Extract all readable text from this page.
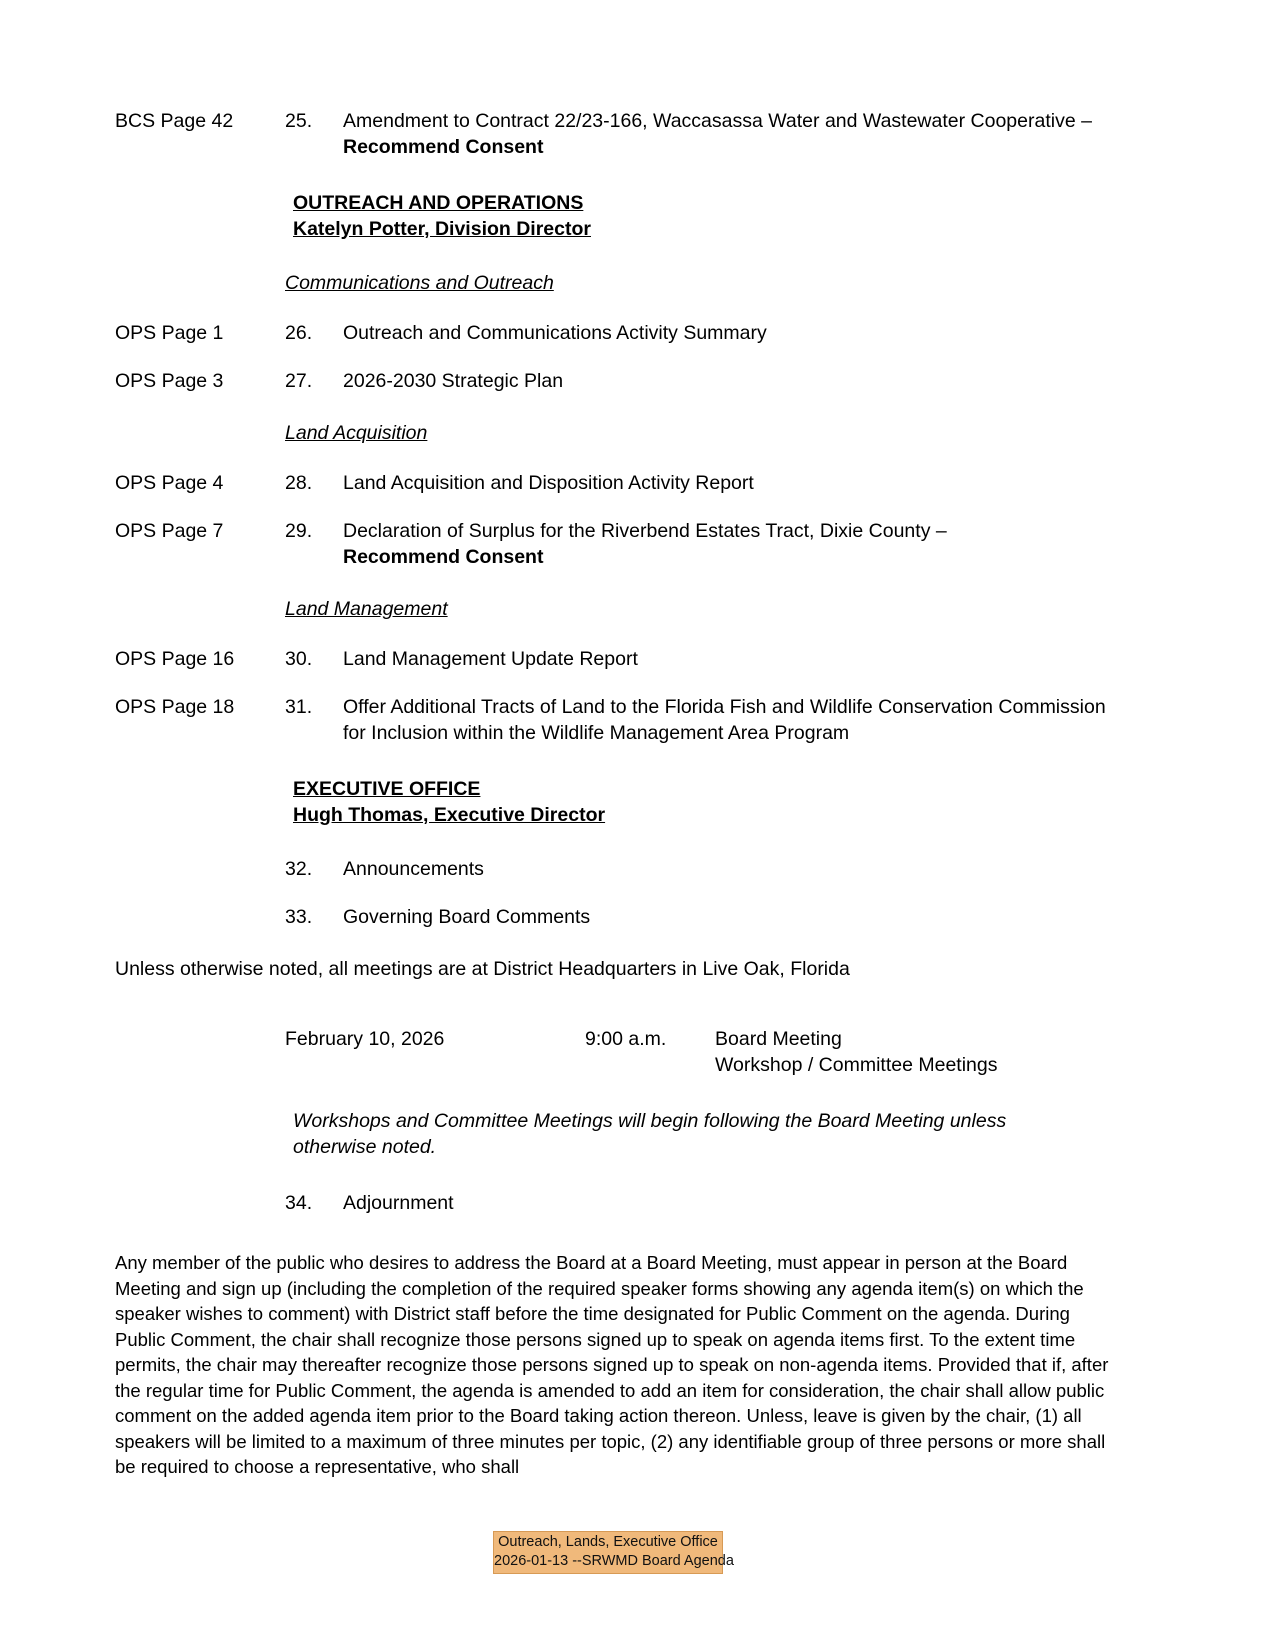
BCS Page 42	25.	Amendment to Contract 22/23-166, Waccasassa Water and Wastewater Cooperative – Recommend Consent
OUTREACH AND OPERATIONS
Katelyn Potter, Division Director
Communications and Outreach
OPS Page 1	26.	Outreach and Communications Activity Summary
OPS Page 3	27.	2026-2030 Strategic Plan
Land Acquisition
OPS Page 4	28.	Land Acquisition and Disposition Activity Report
OPS Page 7	29.	Declaration of Surplus for the Riverbend Estates Tract, Dixie County –
Recommend Consent
Land Management
OPS Page 16	30.	Land Management Update Report
OPS Page 18	31.	Offer Additional Tracts of Land to the Florida Fish and Wildlife Conservation Commission for Inclusion within the Wildlife Management Area Program
EXECUTIVE OFFICE
Hugh Thomas, Executive Director
32.	Announcements
33.	Governing Board Comments
Unless otherwise noted, all meetings are at District Headquarters in Live Oak, Florida
February 10, 2026	9:00 a.m.	Board Meeting
Workshop / Committee Meetings
Workshops and Committee Meetings will begin following the Board Meeting unless otherwise noted.
34.	Adjournment
Any member of the public who desires to address the Board at a Board Meeting, must appear in person at the Board Meeting and sign up (including the completion of the required speaker forms showing any agenda item(s) on which the speaker wishes to comment) with District staff before the time designated for Public Comment on the agenda. During Public Comment, the chair shall recognize those persons signed up to speak on agenda items first. To the extent time permits, the chair may thereafter recognize those persons signed up to speak on non-agenda items. Provided that if, after the regular time for Public Comment, the agenda is amended to add an item for consideration, the chair shall allow public comment on the added agenda item prior to the Board taking action thereon. Unless, leave is given by the chair, (1) all speakers will be limited to a maximum of three minutes per topic, (2) any identifiable group of three persons or more shall be required to choose a representative, who shall
Outreach, Lands, Executive Office
2026-01-13 --SRWMD Board Agenda
